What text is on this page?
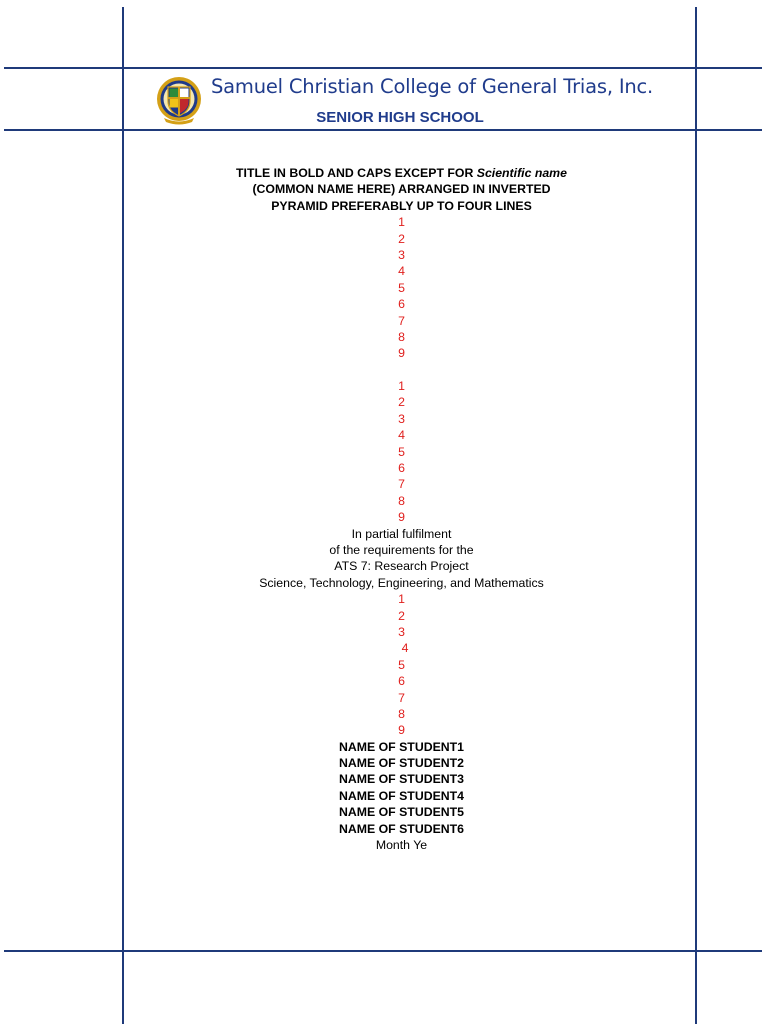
Samuel Christian College of General Trias, Inc.
SENIOR HIGH SCHOOL
TITLE IN BOLD AND CAPS EXCEPT FOR Scientific name
(COMMON NAME HERE) ARRANGED IN INVERTED
PYRAMID PREFERABLY UP TO FOUR LINES
1
2
3
4
5
6
7
8
9
1
2
3
4
5
6
7
8
9
In partial fulfilment
of the requirements for the
ATS 7: Research Project
Science, Technology, Engineering, and Mathematics
1
2
3
4
5
6
7
8
9
NAME OF STUDENT1
NAME OF STUDENT2
NAME OF STUDENT3
NAME OF STUDENT4
NAME OF STUDENT5
NAME OF STUDENT6
Month Ye
